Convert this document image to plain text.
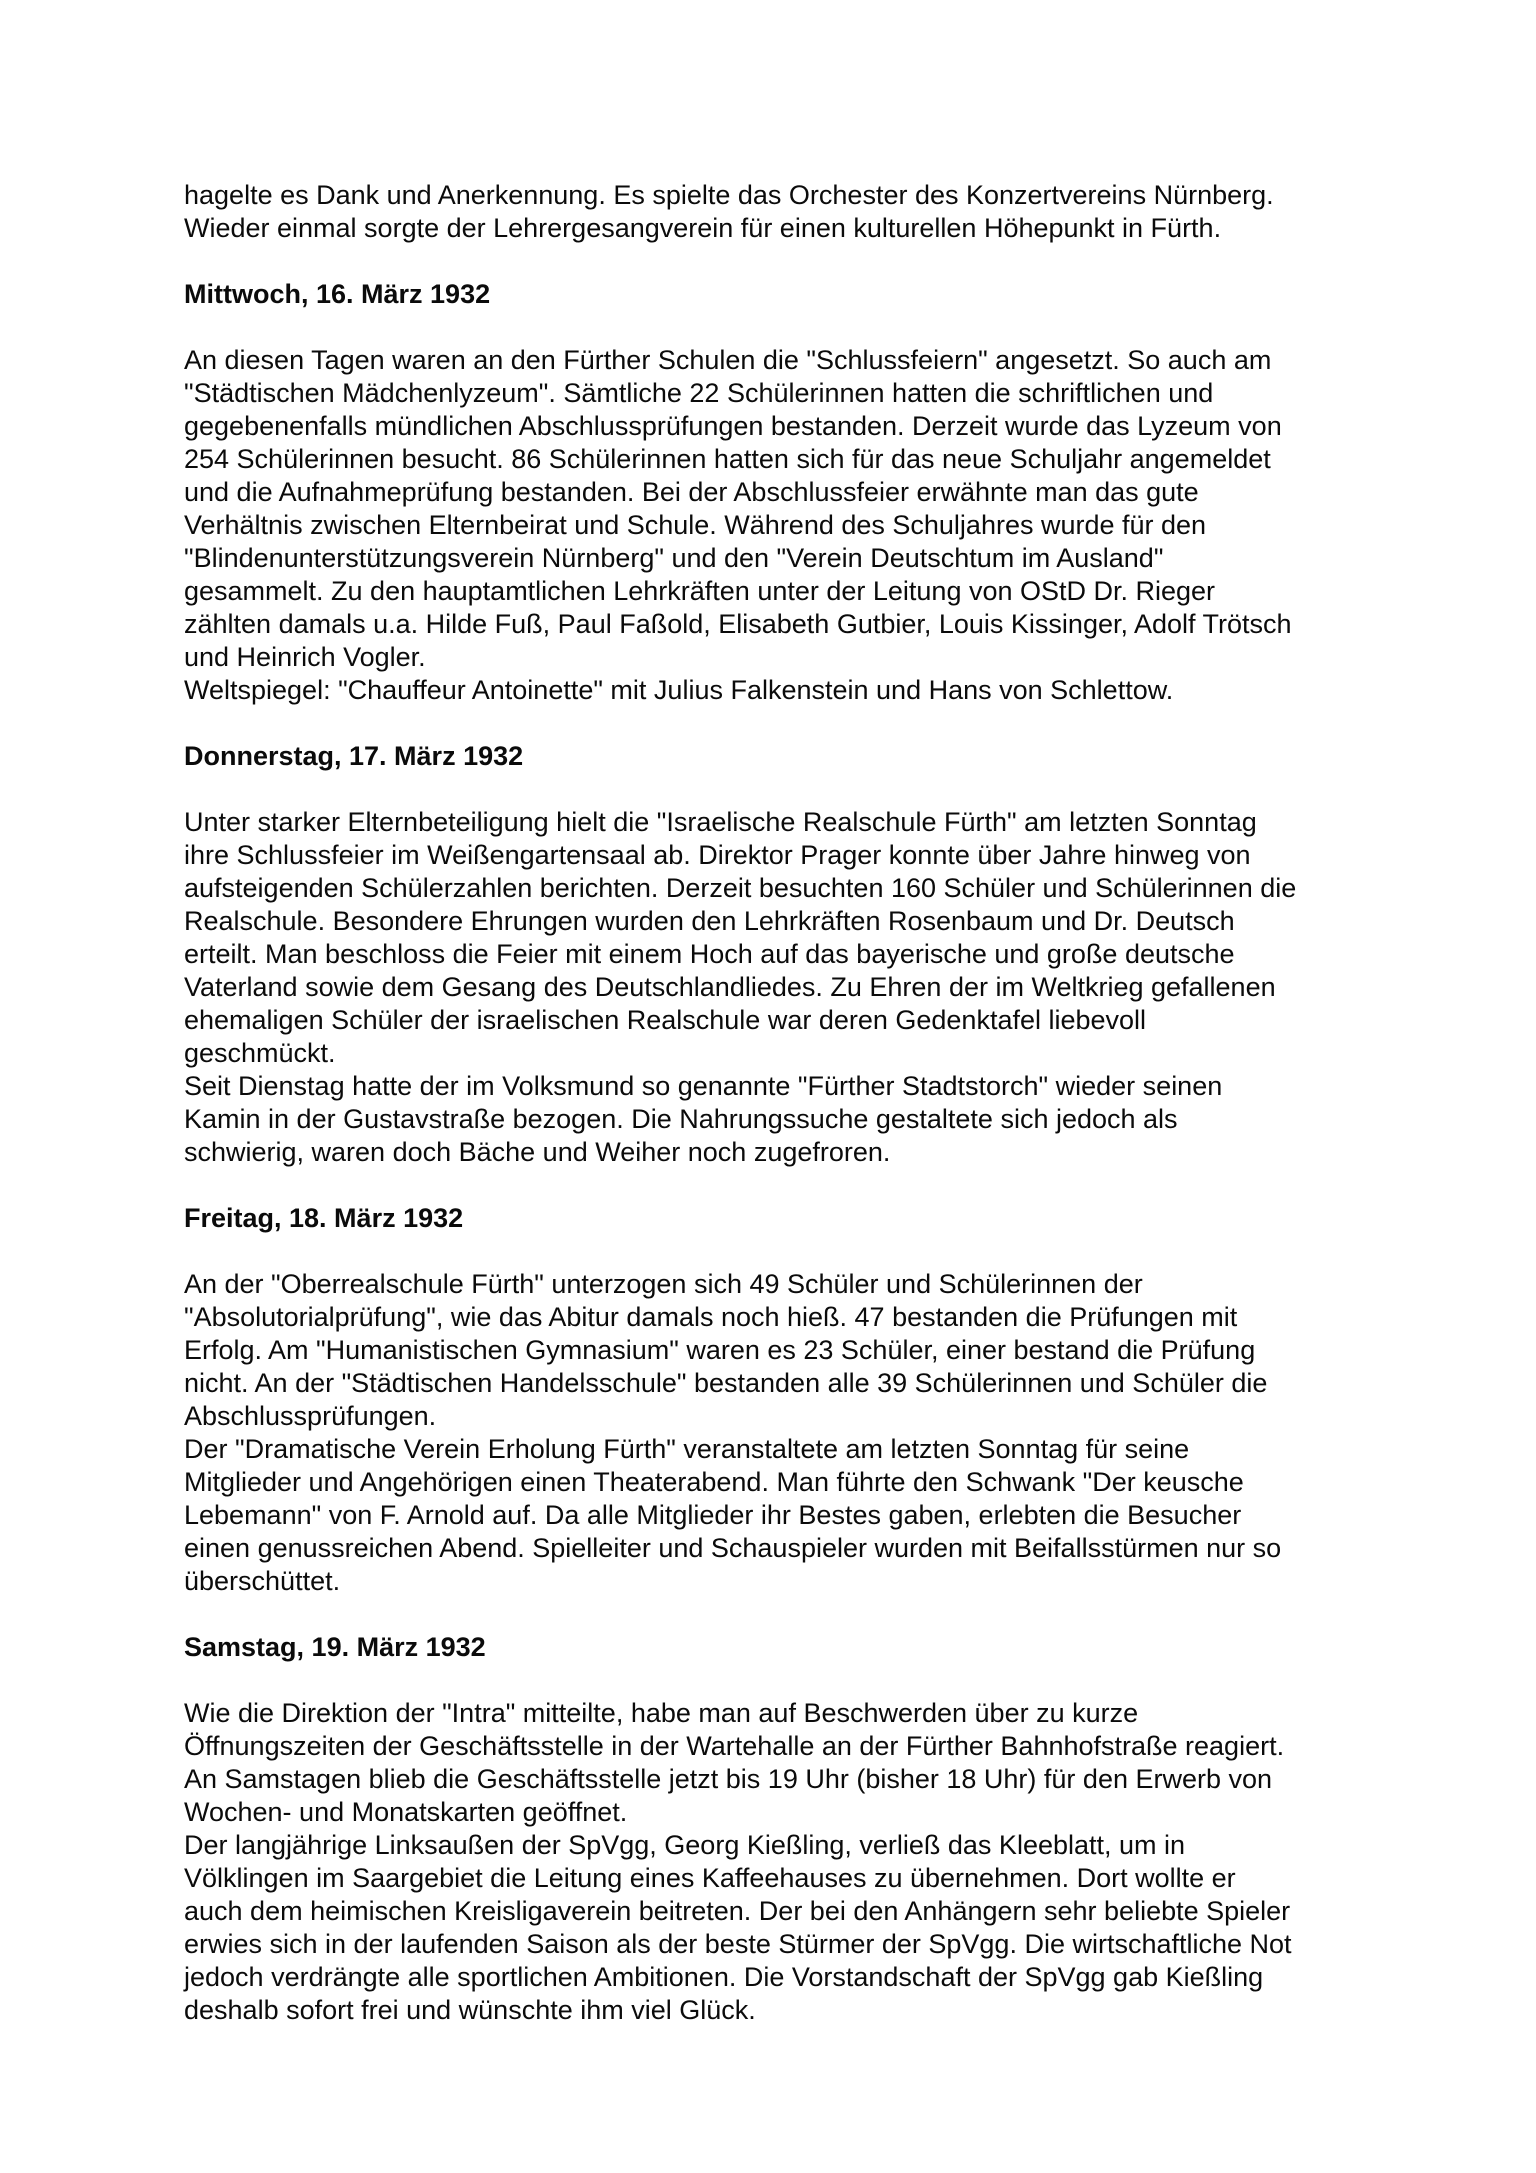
hagelte es Dank und Anerkennung. Es spielte das Orchester des Konzertvereins Nürnberg.
Wieder einmal sorgte der Lehrergesangverein für einen kulturellen Höhepunkt in Fürth.
Mittwoch, 16. März 1932
An diesen Tagen waren an den Fürther Schulen die "Schlussfeiern" angesetzt. So auch am
"Städtischen Mädchenlyzeum". Sämtliche 22 Schülerinnen hatten die schriftlichen und
gegebenenfalls mündlichen Abschlussprüfungen bestanden. Derzeit wurde das Lyzeum von
254 Schülerinnen besucht. 86 Schülerinnen hatten sich für das neue Schuljahr angemeldet
und die Aufnahmeprüfung bestanden. Bei der Abschlussfeier erwähnte man das gute
Verhältnis zwischen Elternbeirat und Schule. Während des Schuljahres wurde für den
"Blindenunterstützungsverein Nürnberg" und den "Verein Deutschtum im Ausland"
gesammelt. Zu den hauptamtlichen Lehrkräften unter der Leitung von OStD Dr. Rieger
zählten damals u.a. Hilde Fuß, Paul Faßold, Elisabeth Gutbier, Louis Kissinger, Adolf Trötsch
und Heinrich Vogler.
Weltspiegel: "Chauffeur Antoinette" mit Julius Falkenstein und Hans von Schlettow.
Donnerstag, 17. März 1932
Unter starker Elternbeteiligung hielt die "Israelische Realschule Fürth" am letzten Sonntag
ihre Schlussfeier im Weißengartensaal ab. Direktor Prager konnte über Jahre hinweg von
aufsteigenden Schülerzahlen berichten. Derzeit besuchten 160 Schüler und Schülerinnen die
Realschule. Besondere Ehrungen wurden den Lehrkräften Rosenbaum und Dr. Deutsch
erteilt. Man beschloss die Feier mit einem Hoch auf das bayerische und große deutsche
Vaterland sowie dem Gesang des Deutschlandliedes. Zu Ehren der im Weltkrieg gefallenen
ehemaligen Schüler der israelischen Realschule war deren Gedenktafel liebevoll
geschmückt.
Seit Dienstag hatte der im Volksmund so genannte "Fürther Stadtstorch" wieder seinen
Kamin in der Gustavstraße bezogen. Die Nahrungssuche gestaltete sich jedoch als
schwierig, waren doch Bäche und Weiher noch zugefroren.
Freitag, 18. März 1932
An der "Oberrealschule Fürth" unterzogen sich 49 Schüler und Schülerinnen der
"Absolutorialprüfung", wie das Abitur damals noch hieß. 47 bestanden die Prüfungen mit
Erfolg. Am "Humanistischen Gymnasium" waren es 23 Schüler, einer bestand die Prüfung
nicht. An der "Städtischen Handelsschule" bestanden alle 39 Schülerinnen und Schüler die
Abschlussprüfungen.
Der "Dramatische Verein Erholung Fürth" veranstaltete am letzten Sonntag für seine
Mitglieder und Angehörigen einen Theaterabend. Man führte den Schwank "Der keusche
Lebemann" von F. Arnold auf. Da alle Mitglieder ihr Bestes gaben, erlebten die Besucher
einen genussreichen Abend. Spielleiter und Schauspieler wurden mit Beifallsstürmen nur so
überschüttet.
Samstag, 19. März 1932
Wie die Direktion der "Intra" mitteilte, habe man auf Beschwerden über zu kurze
Öffnungszeiten der Geschäftsstelle in der Wartehalle an der Fürther Bahnhofstraße reagiert.
An Samstagen blieb die Geschäftsstelle jetzt bis 19 Uhr (bisher 18 Uhr) für den Erwerb von
Wochen- und Monatskarten geöffnet.
Der langjährige Linksaußen der SpVgg, Georg Kießling, verließ das Kleeblatt, um in
Völklingen im Saargebiet die Leitung eines Kaffeehauses zu übernehmen. Dort wollte er
auch dem heimischen Kreisligaverein beitreten. Der bei den Anhängern sehr beliebte Spieler
erwies sich in der laufenden Saison als der beste Stürmer der SpVgg. Die wirtschaftliche Not
jedoch verdrängte alle sportlichen Ambitionen. Die Vorstandschaft der SpVgg gab Kießling
deshalb sofort frei und wünschte ihm viel Glück.
